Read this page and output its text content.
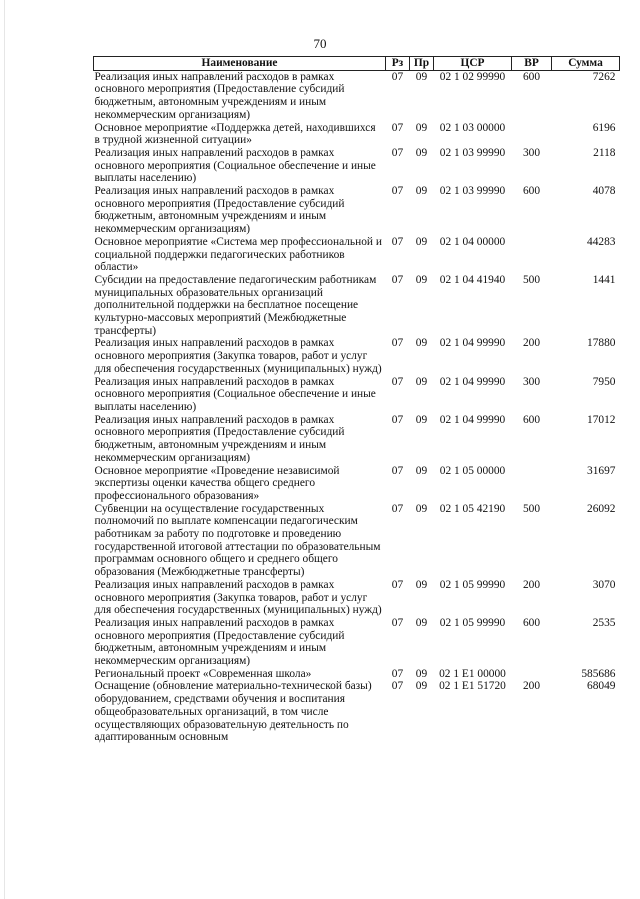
70
Наименование	Рз	Пр	ЦСР	ВР	Сумма
Реализация иных направлений расходов в рамках основного мероприятия (Предоставление субсидий бюджетным, автономным учреждениям и иным некоммерческим организациям)	07	09	02 1 02 99990	600	7262
Основное мероприятие «Поддержка детей, находившихся в трудной жизненной ситуации»	07	09	02 1 03 00000		6196
Реализация иных направлений расходов в рамках основного мероприятия (Социальное обеспечение и иные выплаты населению)	07	09	02 1 03 99990	300	2118
Реализация иных направлений расходов в рамках основного мероприятия (Предоставление субсидий бюджетным, автономным учреждениям и иным некоммерческим организациям)	07	09	02 1 03 99990	600	4078
Основное мероприятие «Система мер профессиональной и социальной поддержки педагогических работников области»	07	09	02 1 04 00000		44283
Субсидии на предоставление педагогическим работникам муниципальных образовательных организаций дополнительной поддержки на бесплатное посещение культурно-массовых мероприятий (Межбюджетные трансферты)	07	09	02 1 04 41940	500	1441
Реализация иных направлений расходов в рамках основного мероприятия (Закупка товаров, работ и услуг для обеспечения государственных (муниципальных) нужд)	07	09	02 1 04 99990	200	17880
Реализация иных направлений расходов в рамках основного мероприятия (Социальное обеспечение и иные выплаты населению)	07	09	02 1 04 99990	300	7950
Реализация иных направлений расходов в рамках основного мероприятия (Предоставление субсидий бюджетным, автономным учреждениям и иным некоммерческим организациям)	07	09	02 1 04 99990	600	17012
Основное мероприятие «Проведение независимой экспертизы оценки качества общего среднего профессионального образования»	07	09	02 1 05 00000		31697
Субвенции на осуществление государственных полномочий по выплате компенсации педагогическим работникам за работу по подготовке и проведению государственной итоговой аттестации по образовательным программам основного общего и среднего общего образования (Межбюджетные трансферты)	07	09	02 1 05 42190	500	26092
Реализация иных направлений расходов в рамках основного мероприятия (Закупка товаров, работ и услуг для обеспечения государственных (муниципальных) нужд)	07	09	02 1 05 99990	200	3070
Реализация иных направлений расходов в рамках основного мероприятия (Предоставление субсидий бюджетным, автономным учреждениям и иным некоммерческим организациям)	07	09	02 1 05 99990	600	2535
Региональный проект «Современная школа»	07	09	02 1 E1 00000		585686
Оснащение (обновление материально-технической базы) оборудованием, средствами обучения и воспитания общеобразовательных организаций, в том числе осуществляющих образовательную деятельность по адаптированным основным	07	09	02 1 E1 51720	200	68049
